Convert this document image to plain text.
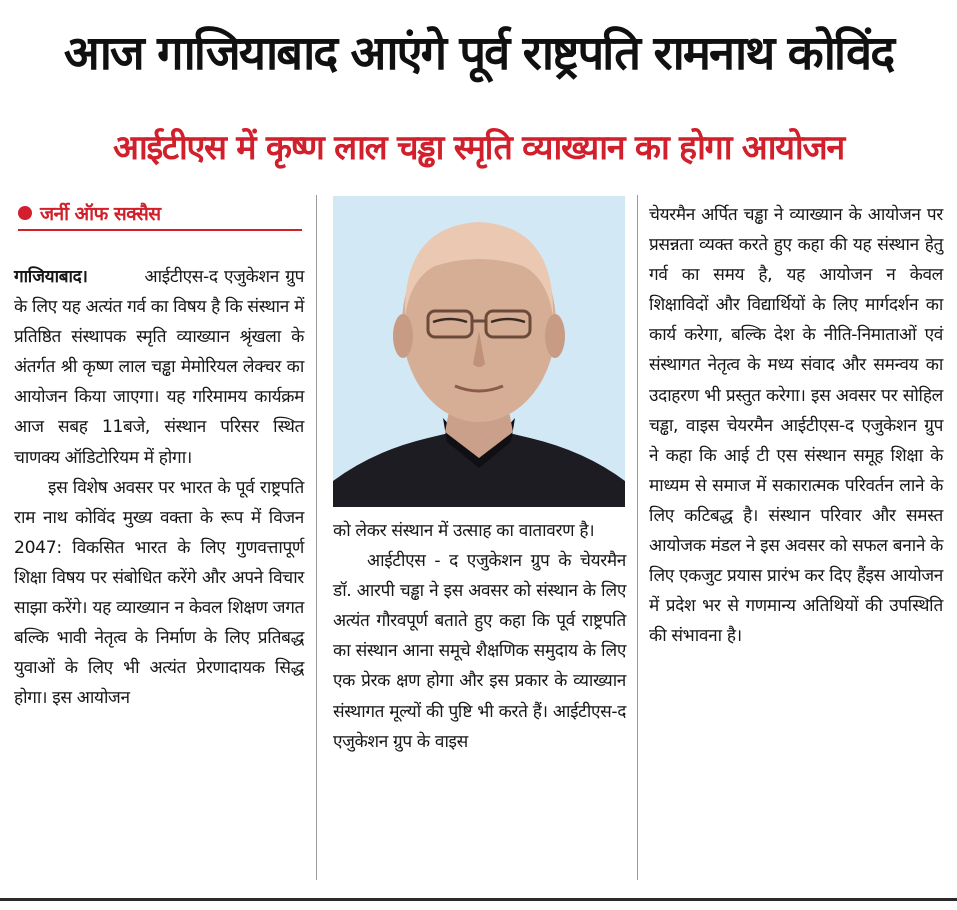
आज गाजियाबाद आएंगे पूर्व राष्ट्रपति रामनाथ कोविंद
आईटीएस में कृष्ण लाल चड्ढा स्मृति व्याख्यान का होगा आयोजन
जर्नी ऑफ सक्सैस

गाजियाबाद।	आईटीएस-द एजुकेशन ग्रुप के लिए यह अत्यंत गर्व का विषय है कि संस्थान में प्रतिष्ठित संस्थापक स्मृति व्याख्यान श्रृंखला के अंतर्गत श्री कृष्ण लाल चड्ढा मेमोरियल लेक्चर का आयोजन किया जाएगा। यह गरिमामय कार्यक्रम आज सबह 11बजे, संस्थान परिसर स्थित चाणक्य ऑडिटोरियम में होगा।

इस विशेष अवसर पर भारत के पूर्व राष्ट्रपति राम नाथ कोविंद मुख्य वक्ता के रूप में विजन 2047: विकसित भारत के लिए गुणवत्तापूर्ण शिक्षा विषय पर संबोधित करेंगे और अपने विचार साझा करेंगे। यह व्याख्यान न केवल शिक्षण जगत बल्कि भावी नेतृत्व के निर्माण के लिए प्रतिबद्ध युवाओं के लिए भी अत्यंत प्रेरणादायक सिद्ध होगा। इस आयोजन

को लेकर संस्थान में उत्साह का वातावरण है।

आईटीएस - द एजुकेशन ग्रुप के चेयरमैन डॉ. आरपी चड्ढा ने इस अवसर को संस्थान के लिए अत्यंत गौरवपूर्ण बताते हुए कहा कि पूर्व राष्ट्रपति का संस्थान आना समूचे शैक्षणिक समुदाय के लिए एक प्रेरक क्षण होगा और इस प्रकार के व्याख्यान संस्थागत मूल्यों की पुष्टि भी करते हैं। आईटीएस-द एजुकेशन ग्रुप के वाइस

चेयरमैन अर्पित चड्ढा ने व्याख्यान के आयोजन पर प्रसन्नता व्यक्त करते हुए कहा की यह संस्थान हेतु गर्व का समय है, यह आयोजन न केवल शिक्षाविदों और विद्यार्थियों के लिए मार्गदर्शन का कार्य करेगा, बल्कि देश के नीति-निमाताओं एवं संस्थागत नेतृत्व के मध्य संवाद और समन्वय का उदाहरण भी प्रस्तुत करेगा। इस अवसर पर सोहिल चड्ढा, वाइस चेयरमैन आईटीएस-द एजुकेशन ग्रुप ने कहा कि आई टी एस संस्थान समूह शिक्षा के माध्यम से समाज में सकारात्मक परिवर्तन लाने के लिए कटिबद्ध है। संस्थान परिवार और समस्त आयोजक मंडल ने इस अवसर को सफल बनाने के लिए एकजुट प्रयास प्रारंभ कर दिए हैंइस आयोजन में प्रदेश भर से गणमान्य अतिथियों की उपस्थिति की संभावना है।
